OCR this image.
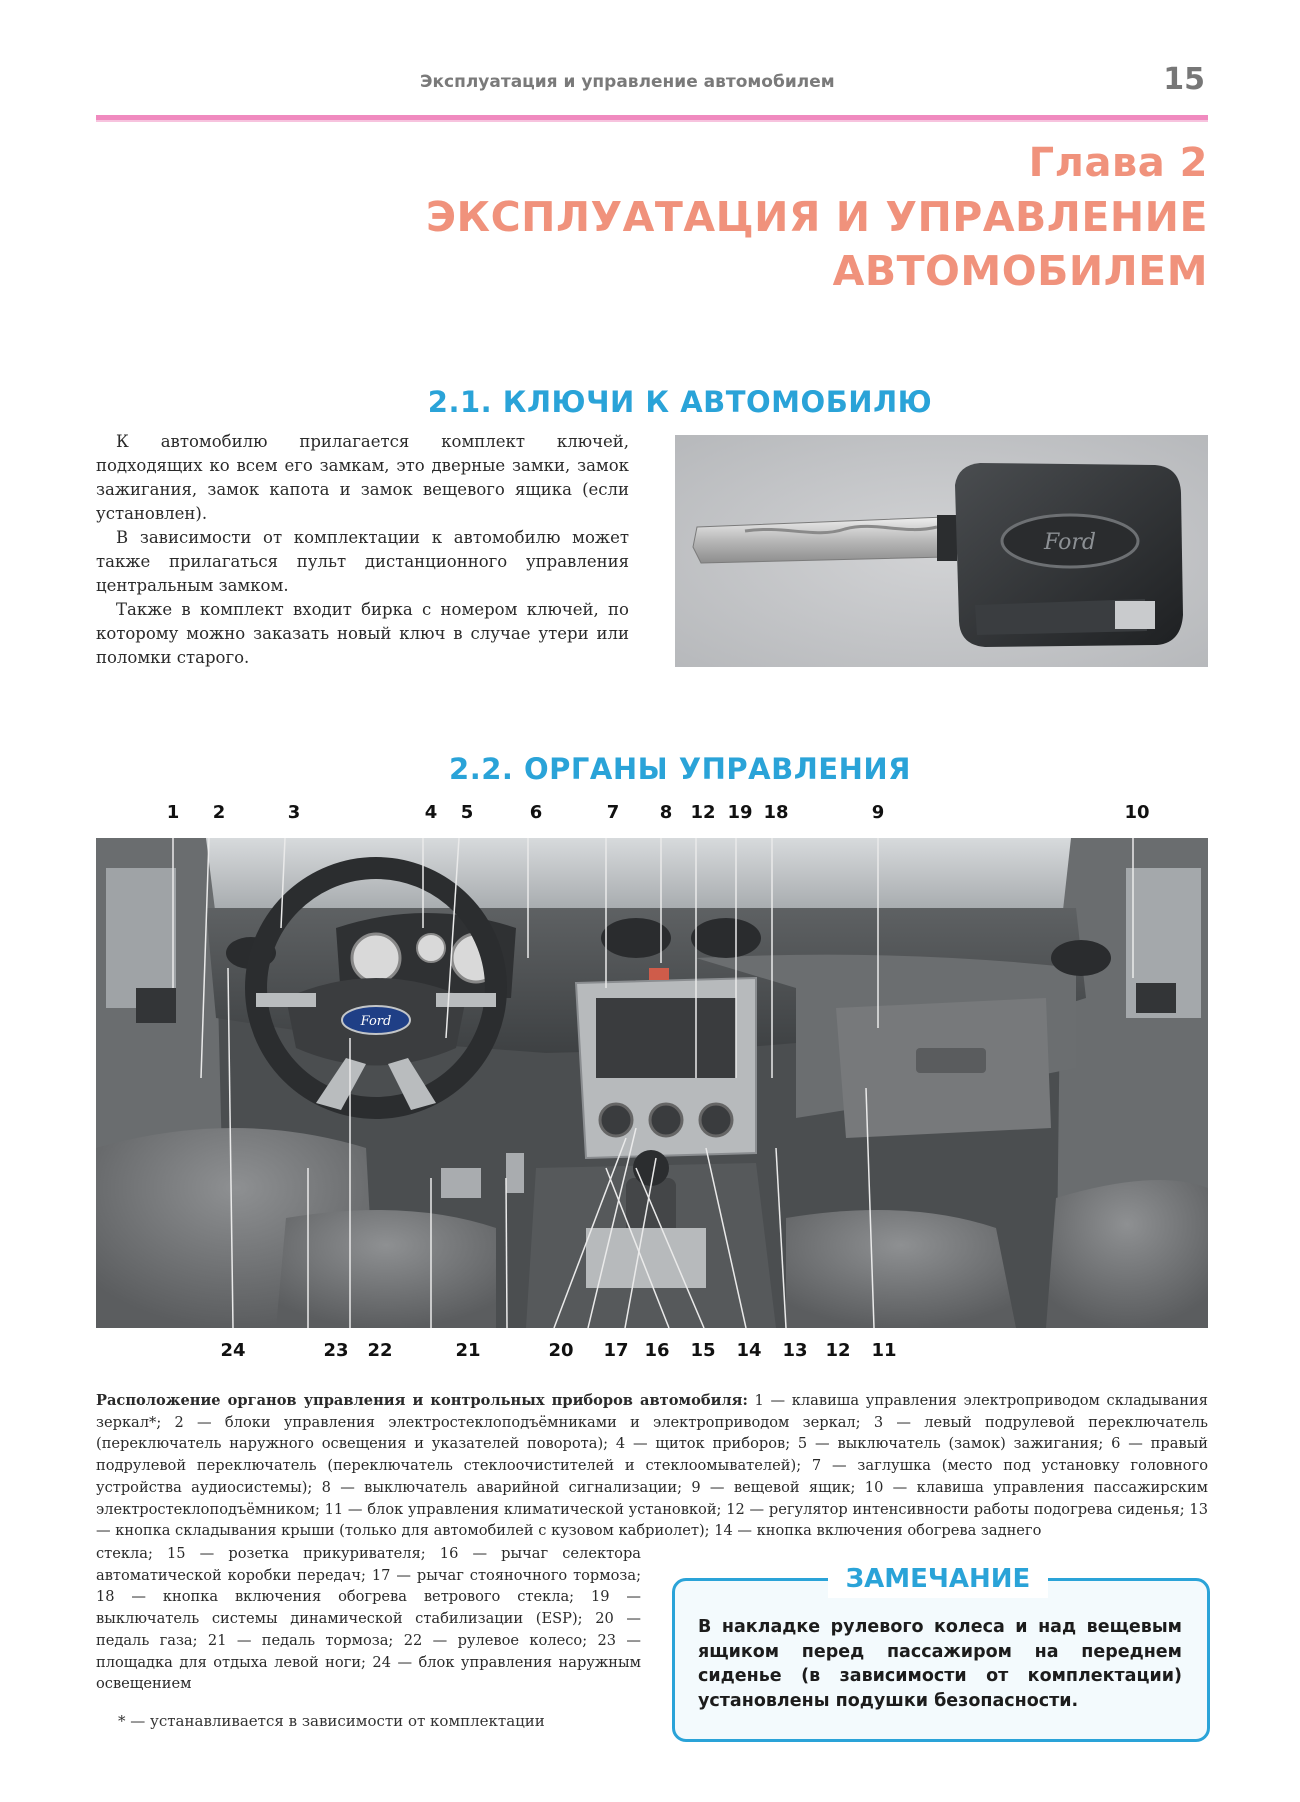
Эксплуатация и управление автомобилем	15
Глава 2
ЭКСПЛУАТАЦИЯ И УПРАВЛЕНИЕ
АВТОМОБИЛЕМ
2.1. КЛЮЧИ К АВТОМОБИЛЮ

К автомобилю прилагается комплект ключей, подходящих ко всем его замкам, это дверные замки, замок зажигания, замок капота и замок вещевого ящика (если установлен).

В зависимости от комплектации к автомобилю может также прилагаться пульт дистанционного управления центральным замком.

Также в комплект входит бирка с номером ключей, по которому можно заказать новый ключ в случае утери или поломки старого.

Ford
2.2. ОРГАНЫ УПРАВЛЕНИЯ
1	2	3	4	5	6	7	8	12 19 18	9	10
Ford
24	23	22	21	20	17 16	15	14	13 12	11
Расположение органов управления и контрольных приборов автомобиля: 1 — клавиша управления электроприводом складывания зеркал*; 2 — блоки управления электростеклоподъёмниками и электроприводом зеркал; 3 — левый подрулевой переключатель (переключатель наружного освещения и указателей поворота); 4 — щиток приборов; 5 — выключатель (замок) зажигания; 6 — правый подрулевой переключатель (переключатель стеклоочистителей и стеклоомывателей); 7 — заглушка (место под установку головного устройства аудиосистемы); 8 — выключатель аварийной сигнализации; 9 — вещевой ящик; 10 — клавиша управления пассажирским электростеклоподъёмником; 11 — блок управления климатической установкой; 12 — регулятор интенсивности работы подогрева сиденья; 13 — кнопка складывания крыши (только для автомобилей с кузовом кабриолет); 14 — кнопка включения обогрева заднего
стекла; 15 — розетка прикуривателя; 16 — рычаг селектора автоматической коробки передач; 17 — рычаг стояночного тормоза; 18 — кнопка включения обогрева ветрового стекла; 19 — выключатель системы динамической стабилизации (ESP); 20 — педаль газа; 21 — педаль тормоза; 22 — рулевое колесо; 23 — площадка для отдыха левой ноги; 24 — блок управления наружным освещением
ЗАМЕЧАНИЕ
В накладке рулевого колеса и над вещевым ящиком перед пассажиром на переднем сиденье (в зависимости от комплектации) установлены подушки безопасности.
* — устанавливается в зависимости от комплектации
